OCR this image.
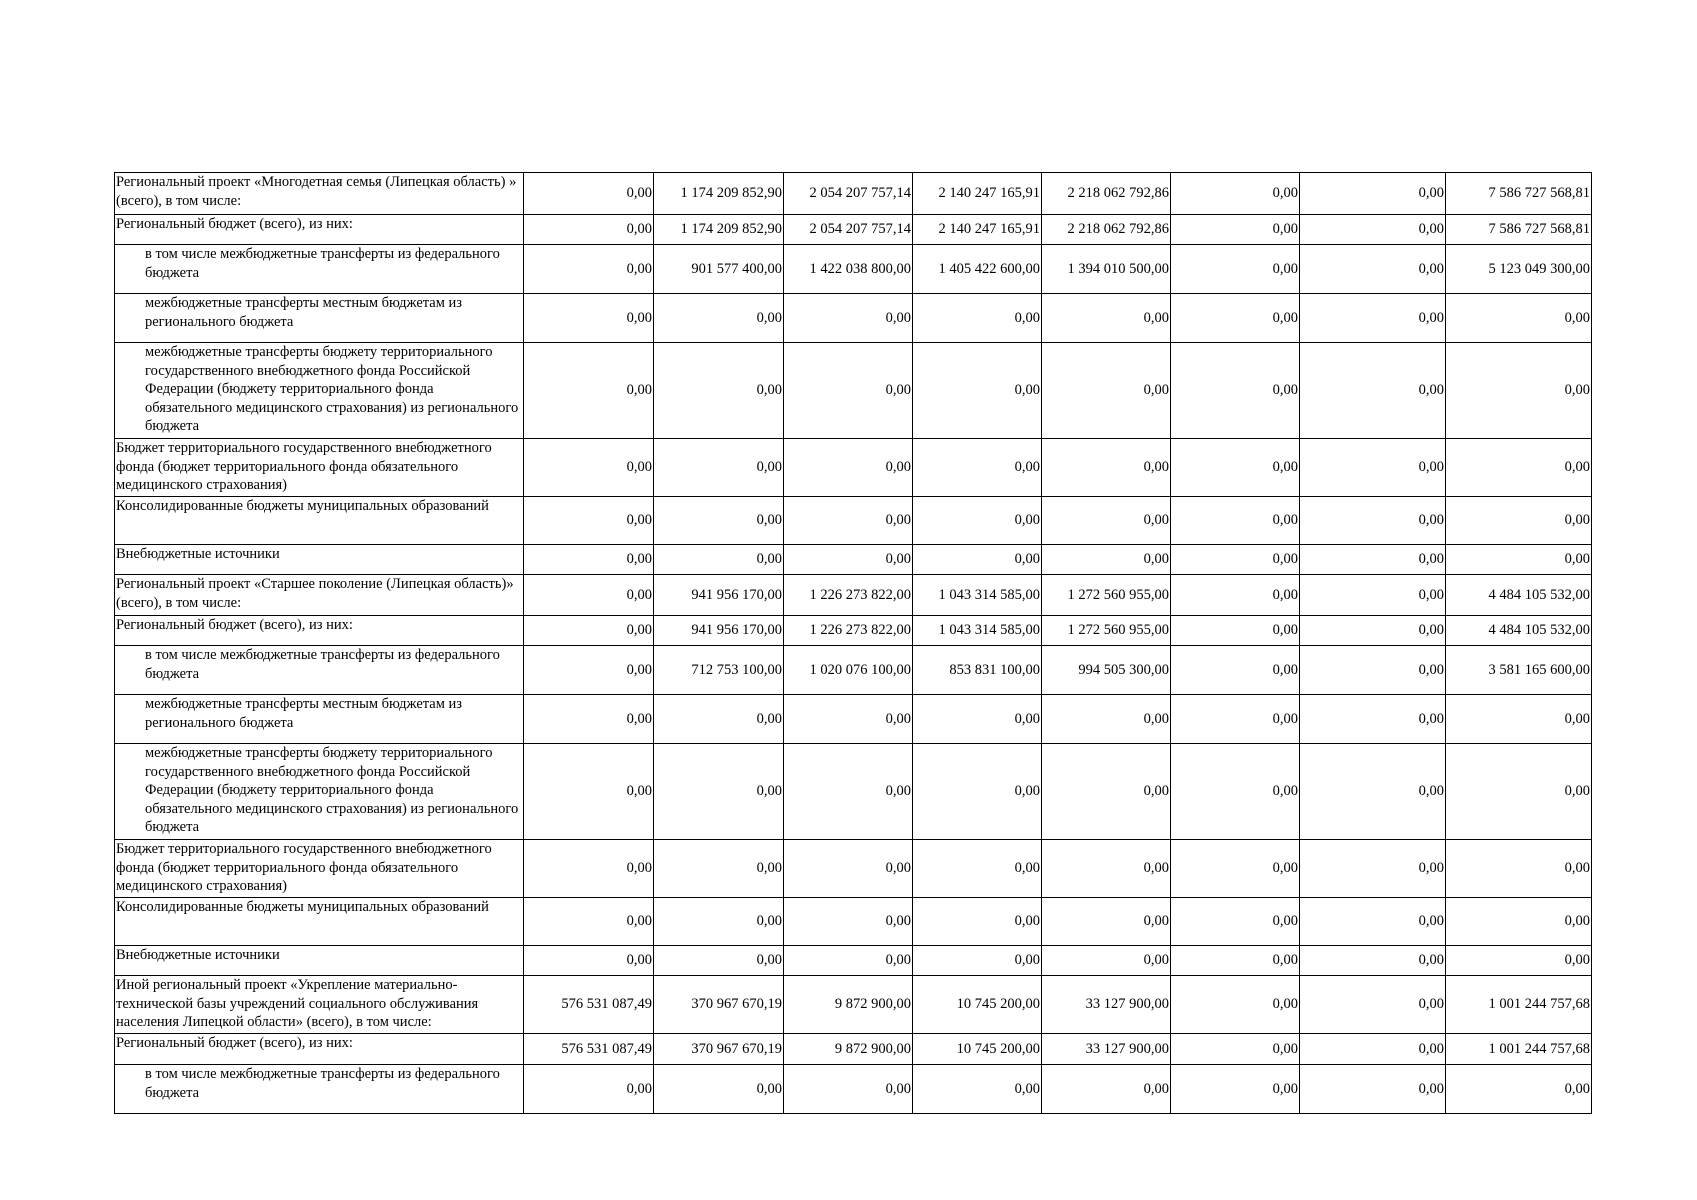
Региональный проект «Многодетная семья (Липецкая область) » (всего), в том числе:	0,00	1 174 209 852,90	2 054 207 757,14	2 140 247 165,91	2 218 062 792,86	0,00	0,00	7 586 727 568,81
Региональный бюджет (всего), из них:	0,00	1 174 209 852,90	2 054 207 757,14	2 140 247 165,91	2 218 062 792,86	0,00	0,00	7 586 727 568,81
в том числе межбюджетные трансферты из федерального бюджета	0,00	901 577 400,00	1 422 038 800,00	1 405 422 600,00	1 394 010 500,00	0,00	0,00	5 123 049 300,00
межбюджетные трансферты местным бюджетам из регионального бюджета	0,00	0,00	0,00	0,00	0,00	0,00	0,00	0,00
межбюджетные трансферты бюджету территориального государственного внебюджетного фонда Российской Федерации (бюджету территориального фонда обязательного медицинского страхования) из регионального бюджета	0,00	0,00	0,00	0,00	0,00	0,00	0,00	0,00
Бюджет территориального государственного внебюджетного фонда (бюджет территориального фонда обязательного медицинского страхования)	0,00	0,00	0,00	0,00	0,00	0,00	0,00	0,00
Консолидированные бюджеты муниципальных образований	0,00	0,00	0,00	0,00	0,00	0,00	0,00	0,00
Внебюджетные источники	0,00	0,00	0,00	0,00	0,00	0,00	0,00	0,00
Региональный проект «Старшее поколение (Липецкая область)» (всего), в том числе:	0,00	941 956 170,00	1 226 273 822,00	1 043 314 585,00	1 272 560 955,00	0,00	0,00	4 484 105 532,00
Региональный бюджет (всего), из них:	0,00	941 956 170,00	1 226 273 822,00	1 043 314 585,00	1 272 560 955,00	0,00	0,00	4 484 105 532,00
в том числе межбюджетные трансферты из федерального бюджета	0,00	712 753 100,00	1 020 076 100,00	853 831 100,00	994 505 300,00	0,00	0,00	3 581 165 600,00
межбюджетные трансферты местным бюджетам из регионального бюджета	0,00	0,00	0,00	0,00	0,00	0,00	0,00	0,00
межбюджетные трансферты бюджету территориального государственного внебюджетного фонда Российской Федерации (бюджету территориального фонда обязательного медицинского страхования) из регионального бюджета	0,00	0,00	0,00	0,00	0,00	0,00	0,00	0,00
Бюджет территориального государственного внебюджетного фонда (бюджет территориального фонда обязательного медицинского страхования)	0,00	0,00	0,00	0,00	0,00	0,00	0,00	0,00
Консолидированные бюджеты муниципальных образований	0,00	0,00	0,00	0,00	0,00	0,00	0,00	0,00
Внебюджетные источники	0,00	0,00	0,00	0,00	0,00	0,00	0,00	0,00
Иной региональный проект «Укрепление материально-технической базы учреждений социального обслуживания населения Липецкой области» (всего), в том числе:	576 531 087,49	370 967 670,19	9 872 900,00	10 745 200,00	33 127 900,00	0,00	0,00	1 001 244 757,68
Региональный бюджет (всего), из них:	576 531 087,49	370 967 670,19	9 872 900,00	10 745 200,00	33 127 900,00	0,00	0,00	1 001 244 757,68
в том числе межбюджетные трансферты из федерального бюджета	0,00	0,00	0,00	0,00	0,00	0,00	0,00	0,00
